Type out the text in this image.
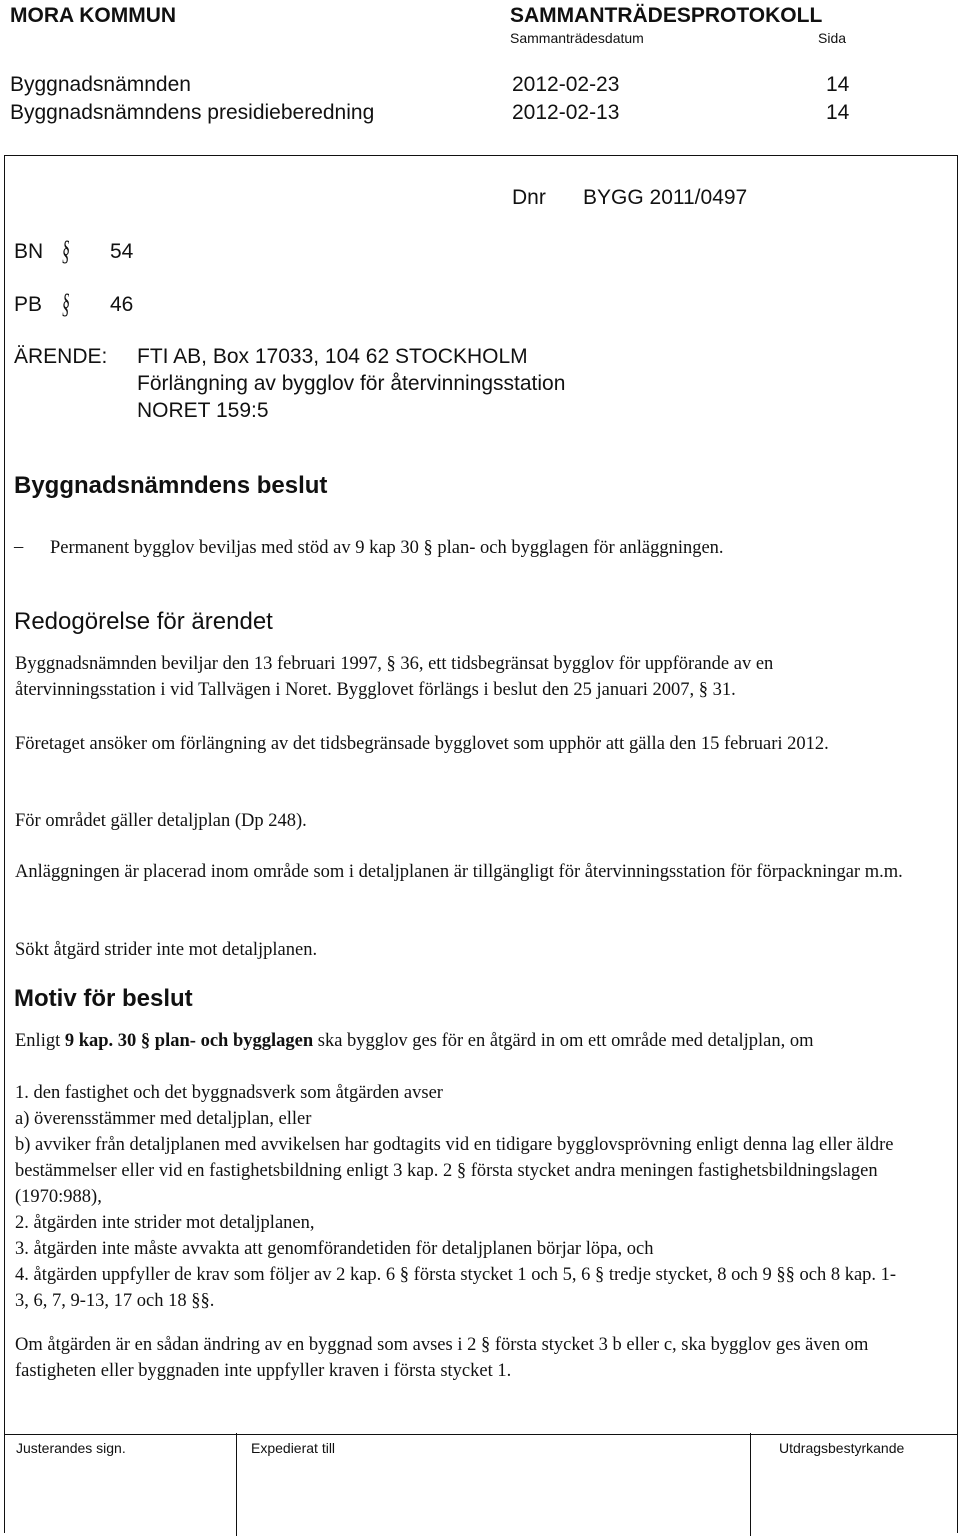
MORA KOMMUN	SAMMANTRÄDESPROTOKOLL
Sammanträdesdatum	Sida
Byggnadsnämnden	2012-02-23	14
Byggnadsnämndens presidieberedning	2012-02-13	14
Dnr BYGG 2011/0497
BN § 54
PB § 46
ÄRENDE: FTI AB, Box 17033, 104 62 STOCKHOLM
Förlängning av bygglov för återvinningsstation
NORET 159:5
Byggnadsnämndens beslut
– Permanent bygglov beviljas med stöd av 9 kap 30 § plan- och bygglagen för anläggningen.
Redogörelse för ärendet
Byggnadsnämnden beviljar den 13 februari 1997, § 36, ett tidsbegränsat bygglov för uppförande av en återvinningsstation i vid Tallvägen i Noret. Bygglovet förlängs i beslut den 25 januari 2007, § 31.
Företaget ansöker om förlängning av det tidsbegränsade bygglovet som upphör att gälla den 15 februari 2012.
För området gäller detaljplan (Dp 248).
Anläggningen är placerad inom område som i detaljplanen är tillgängligt för återvinningsstation för förpackningar m.m.
Sökt åtgärd strider inte mot detaljplanen.
Motiv för beslut
Enligt 9 kap. 30 § plan- och bygglagen ska bygglov ges för en åtgärd in om ett område med detaljplan, om
1. den fastighet och det byggnadsverk som åtgärden avser
a) överensstämmer med detaljplan, eller
b) avviker från detaljplanen med avvikelsen har godtagits vid en tidigare bygglovsprövning enligt denna lag eller äldre bestämmelser eller vid en fastighetsbildning enligt 3 kap. 2 § första stycket andra meningen fastighetsbildningslagen (1970:988),
2. åtgärden inte strider mot detaljplanen,
3. åtgärden inte måste avvakta att genomförandetiden för detaljplanen börjar löpa, och
4. åtgärden uppfyller de krav som följer av 2 kap. 6 § första stycket 1 och 5, 6 § tredje stycket, 8 och 9 §§ och 8 kap. 1-3, 6, 7, 9-13, 17 och 18 §§.
Om åtgärden är en sådan ändring av en byggnad som avses i 2 § första stycket 3 b eller c, ska bygglov ges även om fastigheten eller byggnaden inte uppfyller kraven i första stycket 1.
Justerandes sign.	Expedierat till	Utdragsbestyrkande
